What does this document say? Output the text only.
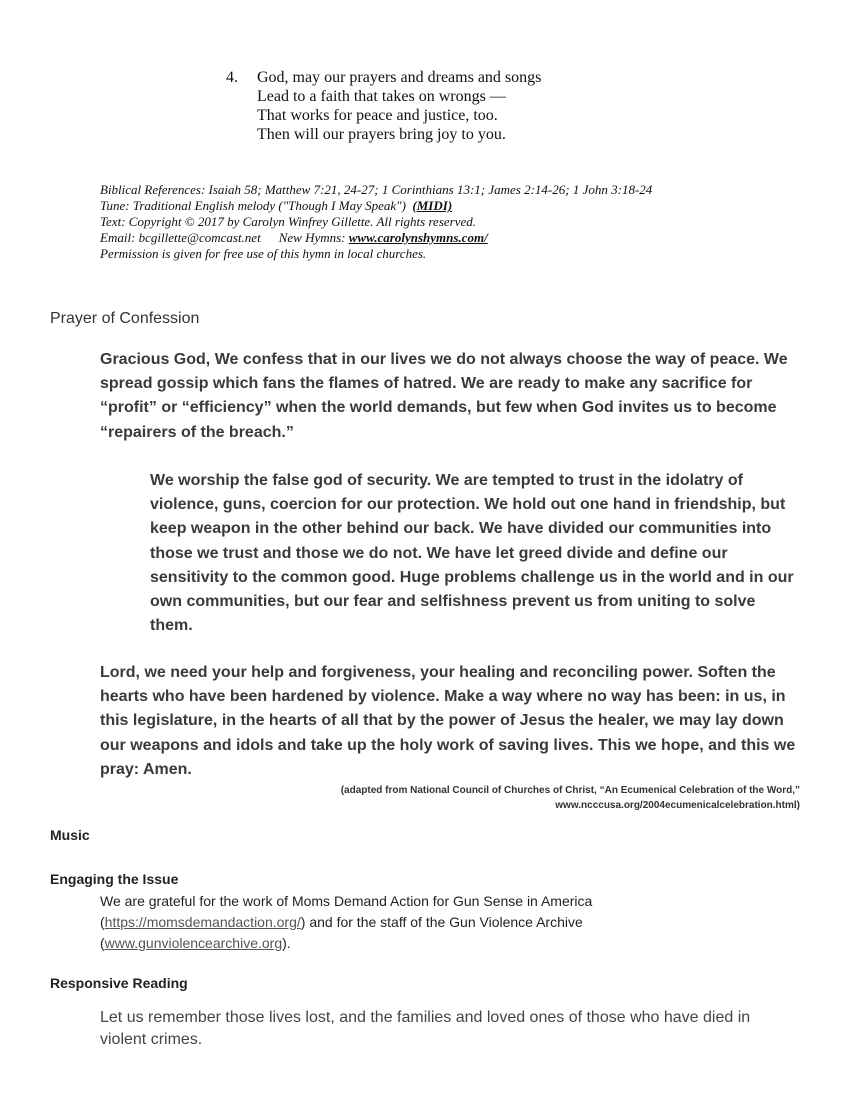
4. God, may our prayers and dreams and songs
Lead to a faith that takes on wrongs —
That works for peace and justice, too.
Then will our prayers bring joy to you.
Biblical References: Isaiah 58; Matthew 7:21, 24-27; 1 Corinthians 13:1; James 2:14-26; 1 John 3:18-24
Tune: Traditional English melody ("Though I May Speak") (MIDI)
Text: Copyright © 2017 by Carolyn Winfrey Gillette. All rights reserved.
Email: bcgillette@comcast.net New Hymns: www.carolynshymns.com/
Permission is given for free use of this hymn in local churches.
Prayer of Confession
Gracious God, We confess that in our lives we do not always choose the way of peace. We spread gossip which fans the flames of hatred. We are ready to make any sacrifice for “profit” or “efficiency” when the world demands, but few when God invites us to become “repairers of the breach.”
We worship the false god of security. We are tempted to trust in the idolatry of violence, guns, coercion for our protection. We hold out one hand in friendship, but keep weapon in the other behind our back. We have divided our communities into those we trust and those we do not. We have let greed divide and define our sensitivity to the common good. Huge problems challenge us in the world and in our own communities, but our fear and selfishness prevent us from uniting to solve them.
Lord, we need your help and forgiveness, your healing and reconciling power. Soften the hearts who have been hardened by violence. Make a way where no way has been: in us, in this legislature, in the hearts of all that by the power of Jesus the healer, we may lay down our weapons and idols and take up the holy work of saving lives. This we hope, and this we pray: Amen.
(adapted from National Council of Churches of Christ, “An Ecumenical Celebration of the Word,”
www.ncccusa.org/2004ecumenicalcelebration.html)
Music
Engaging the Issue
We are grateful for the work of Moms Demand Action for Gun Sense in America (https://momsdemandaction.org/) and for the staff of the Gun Violence Archive (www.gunviolencearchive.org).
Responsive Reading
Let us remember those lives lost, and the families and loved ones of those who have died in violent crimes.
